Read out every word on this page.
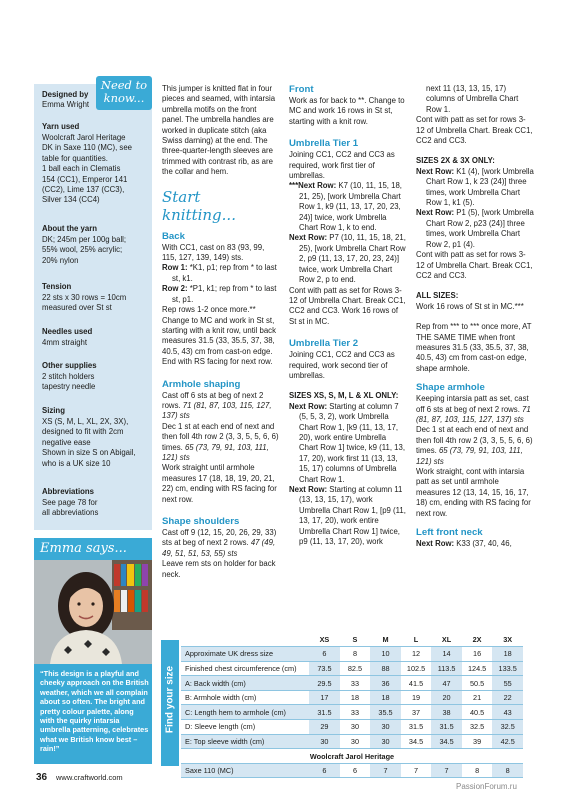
Need to
know...
Designed by
Emma Wright
Yarn used
Woolcraft Jarol Heritage
DK in Saxe 110 (MC), see
table for quantities.
1 ball each in Clematis
154 (CC1), Emperor 141
(CC2), Lime 137 (CC3),
Silver 134 (CC4)
About the yarn
DK; 245m per 100g ball;
55% wool, 25% acrylic;
20% nylon
Tension
22 sts x 30 rows = 10cm
measured over St st
Needles used
4mm straight
Other supplies
2 stitch holders
tapestry needle
Sizing
XS (S, M, L, XL, 2X, 3X),
designed to fit with 2cm
negative ease
Shown in size S on Abigail,
who is a UK size 10
Abbreviations
See page 78 for
all abbreviations
Emma says...
“This design is a playful and cheeky approach on the British weather, which we all complain about so often. The bright and pretty colour palette, along with the quirky intarsia umbrella patterning, celebrates what we British know best – rain!”

This jumper is knitted flat in four pieces and seamed, with intarsia umbrella motifs on the front panel. The umbrella handles are worked in duplicate stitch (aka Swiss darning) at the end. The three-quarter-length sleeves are trimmed with contrast rib, as are the collar and hem.

Start knitting...
Back

With CC1, cast on 83 (93, 99, 115, 127, 139, 149) sts.

Row 1: *K1, p1; rep from * to last st, k1.

Row 2: *P1, k1; rep from * to last st, p1.

Rep rows 1-2 once more.**

Change to MC and work in St st, starting with a knit row, until back measures 31.5 (33, 35.5, 37, 38, 40.5, 43) cm from cast-on edge. End with RS facing for next row.

Armhole shaping

Cast off 6 sts at beg of next 2 rows. 71 (81, 87, 103, 115, 127, 137) sts

Dec 1 st at each end of next and then foll 4th row 2 (3, 3, 5, 5, 6, 6) times. 65 (73, 79, 91, 103, 111, 121) sts

Work straight until armhole measures 17 (18, 18, 19, 20, 21, 22) cm, ending with RS facing for next row.

Shape shoulders

Cast off 9 (12, 15, 20, 26, 29, 33) sts at beg of next 2 rows. 47 (49, 49, 51, 51, 53, 55) sts

Leave rem sts on holder for back neck.

Front

Work as for back to **. Change to MC and work 16 rows in St st, starting with a knit row.

Umbrella Tier 1

Joining CC1, CC2 and CC3 as required, work first tier of umbrellas.

***Next Row: K7 (10, 11, 15, 18, 21, 25), [work Umbrella Chart Row 1, k9 (11, 13, 17, 20, 23, 24)] twice, work Umbrella Chart Row 1, k to end.

Next Row: P7 (10, 11, 15, 18, 21, 25), [work Umbrella Chart Row 2, p9 (11, 13, 17, 20, 23, 24)] twice, work Umbrella Chart Row 2, p to end.

Cont with patt as set for Rows 3-12 of Umbrella Chart. Break CC1, CC2 and CC3. Work 16 rows of St st in MC.

Umbrella Tier 2

Joining CC1, CC2 and CC3 as required, work second tier of umbrellas.

SIZES XS, S, M, L & XL ONLY:

Next Row: Starting at column 7 (5, 5, 3, 2), work Umbrella Chart Row 1, [k9 (11, 13, 17, 20), work entire Umbrella Chart Row 1] twice, k9 (11, 13, 17, 20), work first 11 (13, 13, 15, 17) columns of Umbrella Chart Row 1.

Next Row: Starting at column 11 (13, 13, 15, 17), work Umbrella Chart Row 1, [p9 (11, 13, 17, 20), work entire Umbrella Chart Row 1] twice, p9 (11, 13, 17, 20), work

next 11 (13, 13, 15, 17) columns of Umbrella Chart Row 1.

Cont with patt as set for rows 3-12 of Umbrella Chart. Break CC1, CC2 and CC3.

SIZES 2X & 3X ONLY:

Next Row: K1 (4), [work Umbrella Chart Row 1, k 23 (24)] three times, work Umbrella Chart Row 1, k1 (5).

Next Row: P1 (5), [work Umbrella Chart Row 2, p23 (24)] three times, work Umbrella Chart Row 2, p1 (4).

Cont with patt as set for rows 3-12 of Umbrella Chart. Break CC1, CC2 and CC3.

ALL SIZES:

Work 16 rows of St st in MC.***

Rep from *** to *** once more, AT THE SAME TIME when front measures 31.5 (33, 35.5, 37, 38, 40.5, 43) cm from cast-on edge, shape armhole.

Shape armhole

Keeping intarsia patt as set, cast off 6 sts at beg of next 2 rows. 71 (81, 87, 103, 115, 127, 137) sts

Dec 1 st at each end of next and then foll 4th row 2 (3, 3, 5, 5, 6, 6) times. 65 (73, 79, 91, 103, 111, 121) sts

Work straight, cont with intarsia patt as set until armhole measures 12 (13, 14, 15, 16, 17, 18) cm, ending with RS facing for next row.

Left front neck

Next Row: K33 (37, 40, 46,

Find your size
	XS	S	M	L	XL	2X	3X
Approximate UK dress size	6	8	10	12	14	16	18
Finished chest circumference (cm)	73.5	82.5	88	102.5	113.5	124.5	133.5
A: Back width (cm)	29.5	33	36	41.5	47	50.5	55
B: Armhole width (cm)	17	18	18	19	20	21	22
C: Length hem to armhole (cm)	31.5	33	35.5	37	38	40.5	43
D: Sleeve length (cm)	29	30	30	31.5	31.5	32.5	32.5
E: Top sleeve width (cm)	30	30	30	34.5	34.5	39	42.5
Woolcraft Jarol Heritage							
Saxe 110 (MC)	6	6	7	7	7	8	8
36 www.craftworld.com
PassionForum.ru
